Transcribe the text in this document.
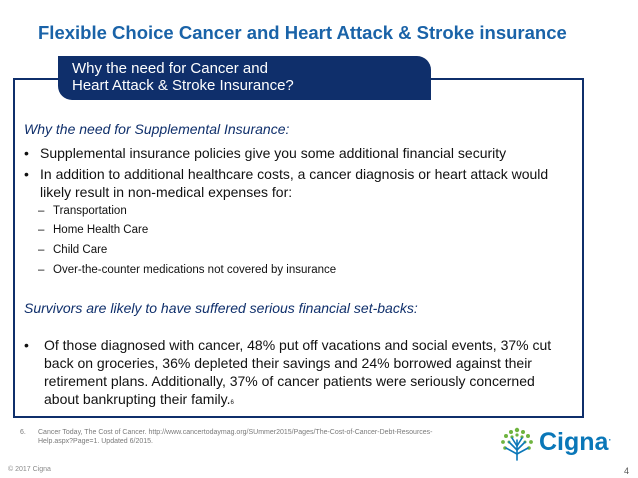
Flexible Choice Cancer and Heart Attack & Stroke insurance
Why the need for Cancer and
Heart Attack & Stroke Insurance?
Why the need for Supplemental Insurance:
• Supplemental insurance policies give you some additional financial security
• In addition to additional healthcare costs, a cancer diagnosis or heart attack would likely result in non-medical expenses for:
– Transportation
– Home Health Care
– Child Care
– Over-the-counter medications not covered by insurance
Survivors are likely to have suffered serious financial set-backs:
• Of those diagnosed with cancer, 48% put off vacations and social events, 37% cut back on groceries, 36% depleted their savings and 24% borrowed against their retirement plans. Additionally, 37% of cancer patients were seriously concerned about bankrupting their family.$^6$
6. Cancer Today, The Cost of Cancer. http://www.cancertodaymag.org/SUmmer2015/Pages/The-Cost-of-Cancer-Debt-Resources-Help.aspx?Page=1. Updated 6/2015.	Cigna.
© 2017 Cigna	4
